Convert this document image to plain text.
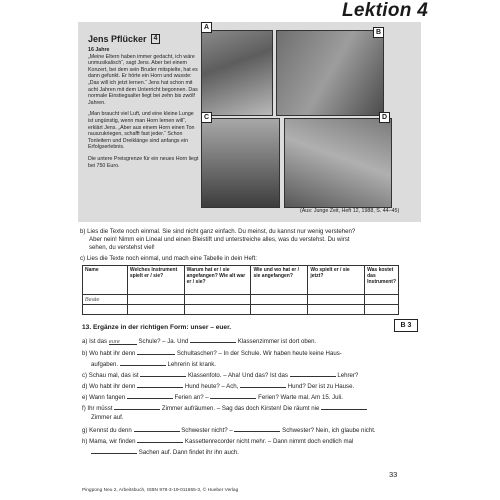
Lektion 4
Jens Pflücker	4
16 Jahre

„Meine Eltern haben immer gedacht, ich wäre unmusikalisch“, sagt Jens. Aber bei einem Konzert, bei dem sein Bruder mitspielte, hat es dann gefunkt. Er hörte ein Horn und wusste: „Das will ich jetzt lernen.“ Jens hat schon mit acht Jahren mit dem Unterricht begonnen. Das normale Einstiegsalter liegt bei zehn bis zwölf Jahren.

„Man braucht viel Luft, und eine kleine Lunge ist ungünstig, wenn man Horn lernen will“, erklärt Jens. „Aber aus einem Horn einen Ton rauszukriegen, schafft fast jeder.“ Schon Tonleitern und Dreiklänge sind anfangs ein Erfolgserlebnis.

Die untere Preisgrenze für ein neues Horn liegt bei 750 Euro.

A
B
C	D
(Aus: Junge Zeit, Heft 12, 1988, S. 44–45)
b) Lies die Texte noch einmal. Sie sind nicht ganz einfach. Du meinst, du kannst nur wenig verstehen?
Aber nein! Nimm ein Lineal und einen Bleistift und unterstreiche alles, was du verstehst. Du wirst
sehen, du verstehst viel!
c) Lies die Texte noch einmal, und mach eine Tabelle in dein Heft:
Name	Welches Instrument spielt er / sie?	Warum hat er / sie angefangen? Wie alt war er / sie?	Wie und wo hat er / sie angefangen?	Wo spielt er / sie jetzt?	Was kostet das Instrument?
Beate					

13. Ergänze in der richtigen Form: unser – euer.	B 3
a) Ist das eure	Schule? – Ja. Und	Klassenzimmer ist dort oben.
b) Wo habt ihr denn	Schultaschen? – In der Schule. Wir haben heute keine Haus-
aufgaben.	Lehrerin ist krank.
c) Schau mal, das ist	Klassenfoto. – Aha! Und das? Ist das	Lehrer?
d) Wo habt ihr denn	Hund heute? – Ach,	Hund? Der ist zu Hause.
e) Wann fangen	Ferien an? –	Ferien? Warte mal. Am 15. Juli.
f) Ihr müsst	Zimmer aufräumen. – Sag das doch Kirsten! Die räumt nie
Zimmer auf.
g) Kennst du denn	Schwester nicht? –	Schwester? Nein, ich glaube nicht.
h) Mama, wir finden	Kassettenrecorder nicht mehr. – Dann nimmt doch endlich mal
Sachen auf. Dann findet ihr ihn auch.
33
Pingpong Neu 2, Arbeitsbuch, ISBN 978-3-19-011655-3, © Hueber Verlag
